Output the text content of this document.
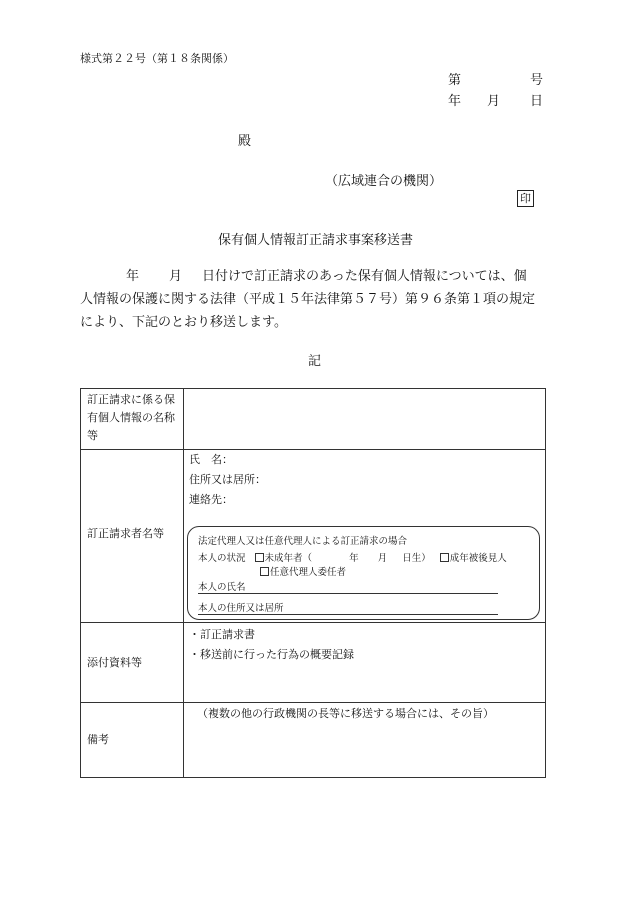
様式第２２号（第１８条関係）
第	号
年 月 日
殿
（広域連合の機関）
印
保有個人情報訂正請求事案移送書
年 月 日付けで訂正請求のあった保有個人情報については、個
人情報の保護に関する法律（平成１５年法律第５７号）第９６条第１項の規定
により、下記のとおり移送します。
記
訂正請求に係る保有個人情報の名称等
訂正請求者名等
氏　名：
住所又は居所：
連絡先：
法定代理人又は任意代理人による訂正請求の場合
本人の状況 未成年者（	年 月 日生） 成年被後見人
任意代理人委任者
本人の氏名
本人の住所又は居所
添付資料等
・訂正請求書
・移送前に行った行為の概要記録
備考
（複数の他の行政機関の長等に移送する場合には、その旨）
